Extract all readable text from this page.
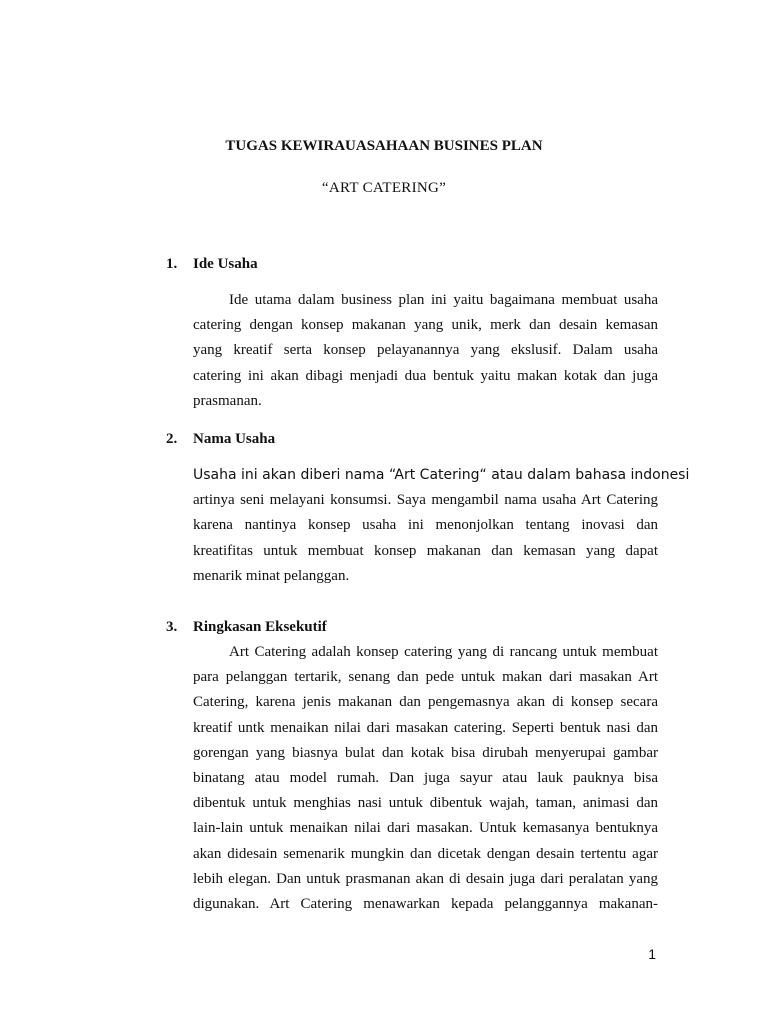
TUGAS KEWIRAUASAHAAN BUSINES PLAN
“ART CATERING”
1. Ide Usaha
Ide utama dalam business plan ini yaitu bagaimana membuat usaha
catering dengan konsep makanan yang unik, merk dan desain kemasan
yang kreatif serta konsep pelayanannya yang ekslusif. Dalam usaha
catering ini akan dibagi menjadi dua bentuk yaitu makan kotak dan juga
prasmanan.
2. Nama Usaha
Usaha ini akan diberi nama “Art Catering“ atau dalam bahasa indonesi
artinya seni melayani konsumsi. Saya mengambil nama usaha Art Catering
karena nantinya konsep usaha ini menonjolkan tentang inovasi dan
kreatifitas untuk membuat konsep makanan dan kemasan yang dapat
menarik minat pelanggan.
3. Ringkasan Eksekutif
Art Catering adalah konsep catering yang di rancang untuk membuat
para pelanggan tertarik, senang dan pede untuk makan dari masakan Art
Catering, karena jenis makanan dan pengemasnya akan di konsep secara
kreatif untk menaikan nilai dari masakan catering. Seperti bentuk nasi dan
gorengan yang biasnya bulat dan kotak bisa dirubah menyerupai gambar
binatang atau model rumah. Dan juga sayur atau lauk pauknya bisa
dibentuk untuk menghias nasi untuk dibentuk wajah, taman, animasi dan
lain-lain untuk menaikan nilai dari masakan. Untuk kemasanya bentuknya
akan didesain semenarik mungkin dan dicetak dengan desain tertentu agar
lebih elegan. Dan untuk prasmanan akan di desain juga dari peralatan yang
digunakan. Art Catering menawarkan kepada pelanggannya makanan-
1
